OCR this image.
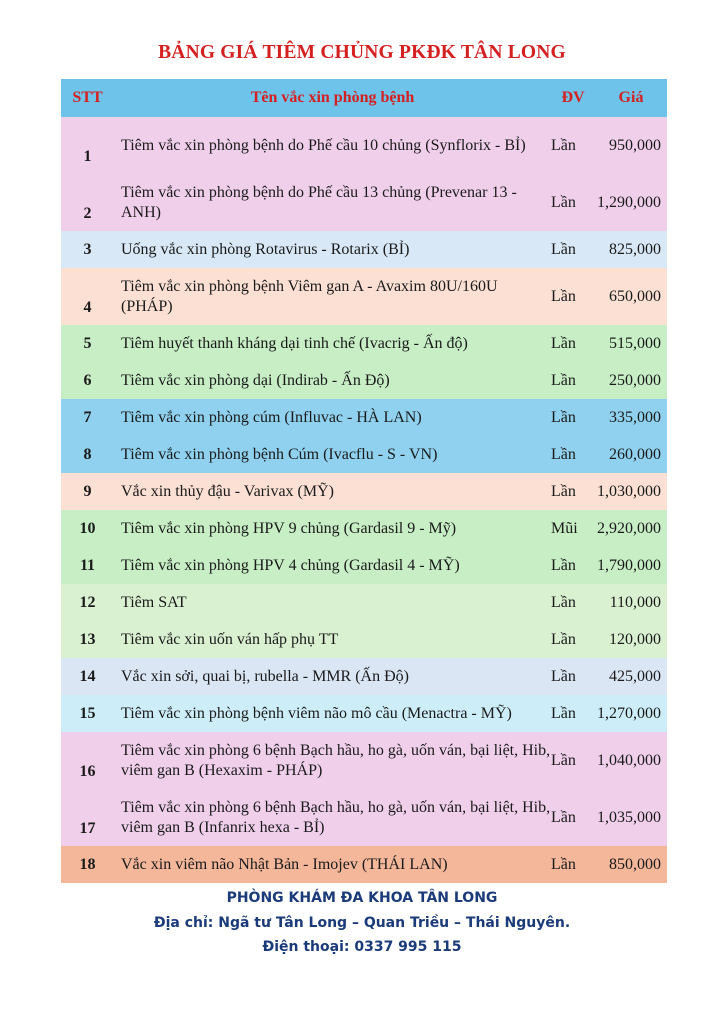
BẢNG GIÁ TIÊM CHỦNG PKĐK TÂN LONG
STT	Tên vắc xin phòng bệnh	ĐV	Giá
1	Tiêm vắc xin phòng bệnh do Phế cầu 10 chủng (Synflorix - BỈ)	Lần	950,000
2	Tiêm vắc xin phòng bệnh do Phế cầu 13 chủng (Prevenar 13 - ANH)	Lần	1,290,000
3	Uống vắc xin phòng Rotavirus - Rotarix (BỈ)	Lần	825,000
4	Tiêm vắc xin phòng bệnh Viêm gan A - Avaxim 80U/160U (PHÁP)	Lần	650,000
5	Tiêm huyết thanh kháng dại tinh chế (Ivacrig - Ấn độ)	Lần	515,000
6	Tiêm vắc xin phòng dại (Indirab - Ấn Độ)	Lần	250,000
7	Tiêm vắc xin phòng cúm (Influvac - HÀ LAN)	Lần	335,000
8	Tiêm vắc xin phòng bệnh Cúm (Ivacflu - S - VN)	Lần	260,000
9	Vắc xin thủy đậu - Varivax (MỸ)	Lần	1,030,000
10	Tiêm vắc xin phòng HPV 9 chủng (Gardasil 9 - Mỹ)	Mũi	2,920,000
11	Tiêm vắc xin phòng HPV 4 chủng (Gardasil 4 - MỸ)	Lần	1,790,000
12	Tiêm SAT	Lần	110,000
13	Tiêm vắc xin uốn ván hấp phụ TT	Lần	120,000
14	Vắc xin sởi, quai bị, rubella - MMR (Ấn Độ)	Lần	425,000
15	Tiêm vắc xin phòng bệnh viêm não mô cầu (Menactra - MỸ)	Lần	1,270,000
16	Tiêm vắc xin phòng 6 bệnh Bạch hầu, ho gà, uốn ván, bại liệt, Hib, viêm gan B (Hexaxim - PHÁP)	Lần	1,040,000
17	Tiêm vắc xin phòng 6 bệnh Bạch hầu, ho gà, uốn ván, bại liệt, Hib, viêm gan B (Infanrix hexa - BỈ)	Lần	1,035,000
18	Vắc xin viêm não Nhật Bản - Imojev (THÁI LAN)	Lần	850,000
PHÒNG KHÁM ĐA KHOA TÂN LONG
Địa chỉ: Ngã tư Tân Long – Quan Triều – Thái Nguyên.
Điện thoại: 0337 995 115
